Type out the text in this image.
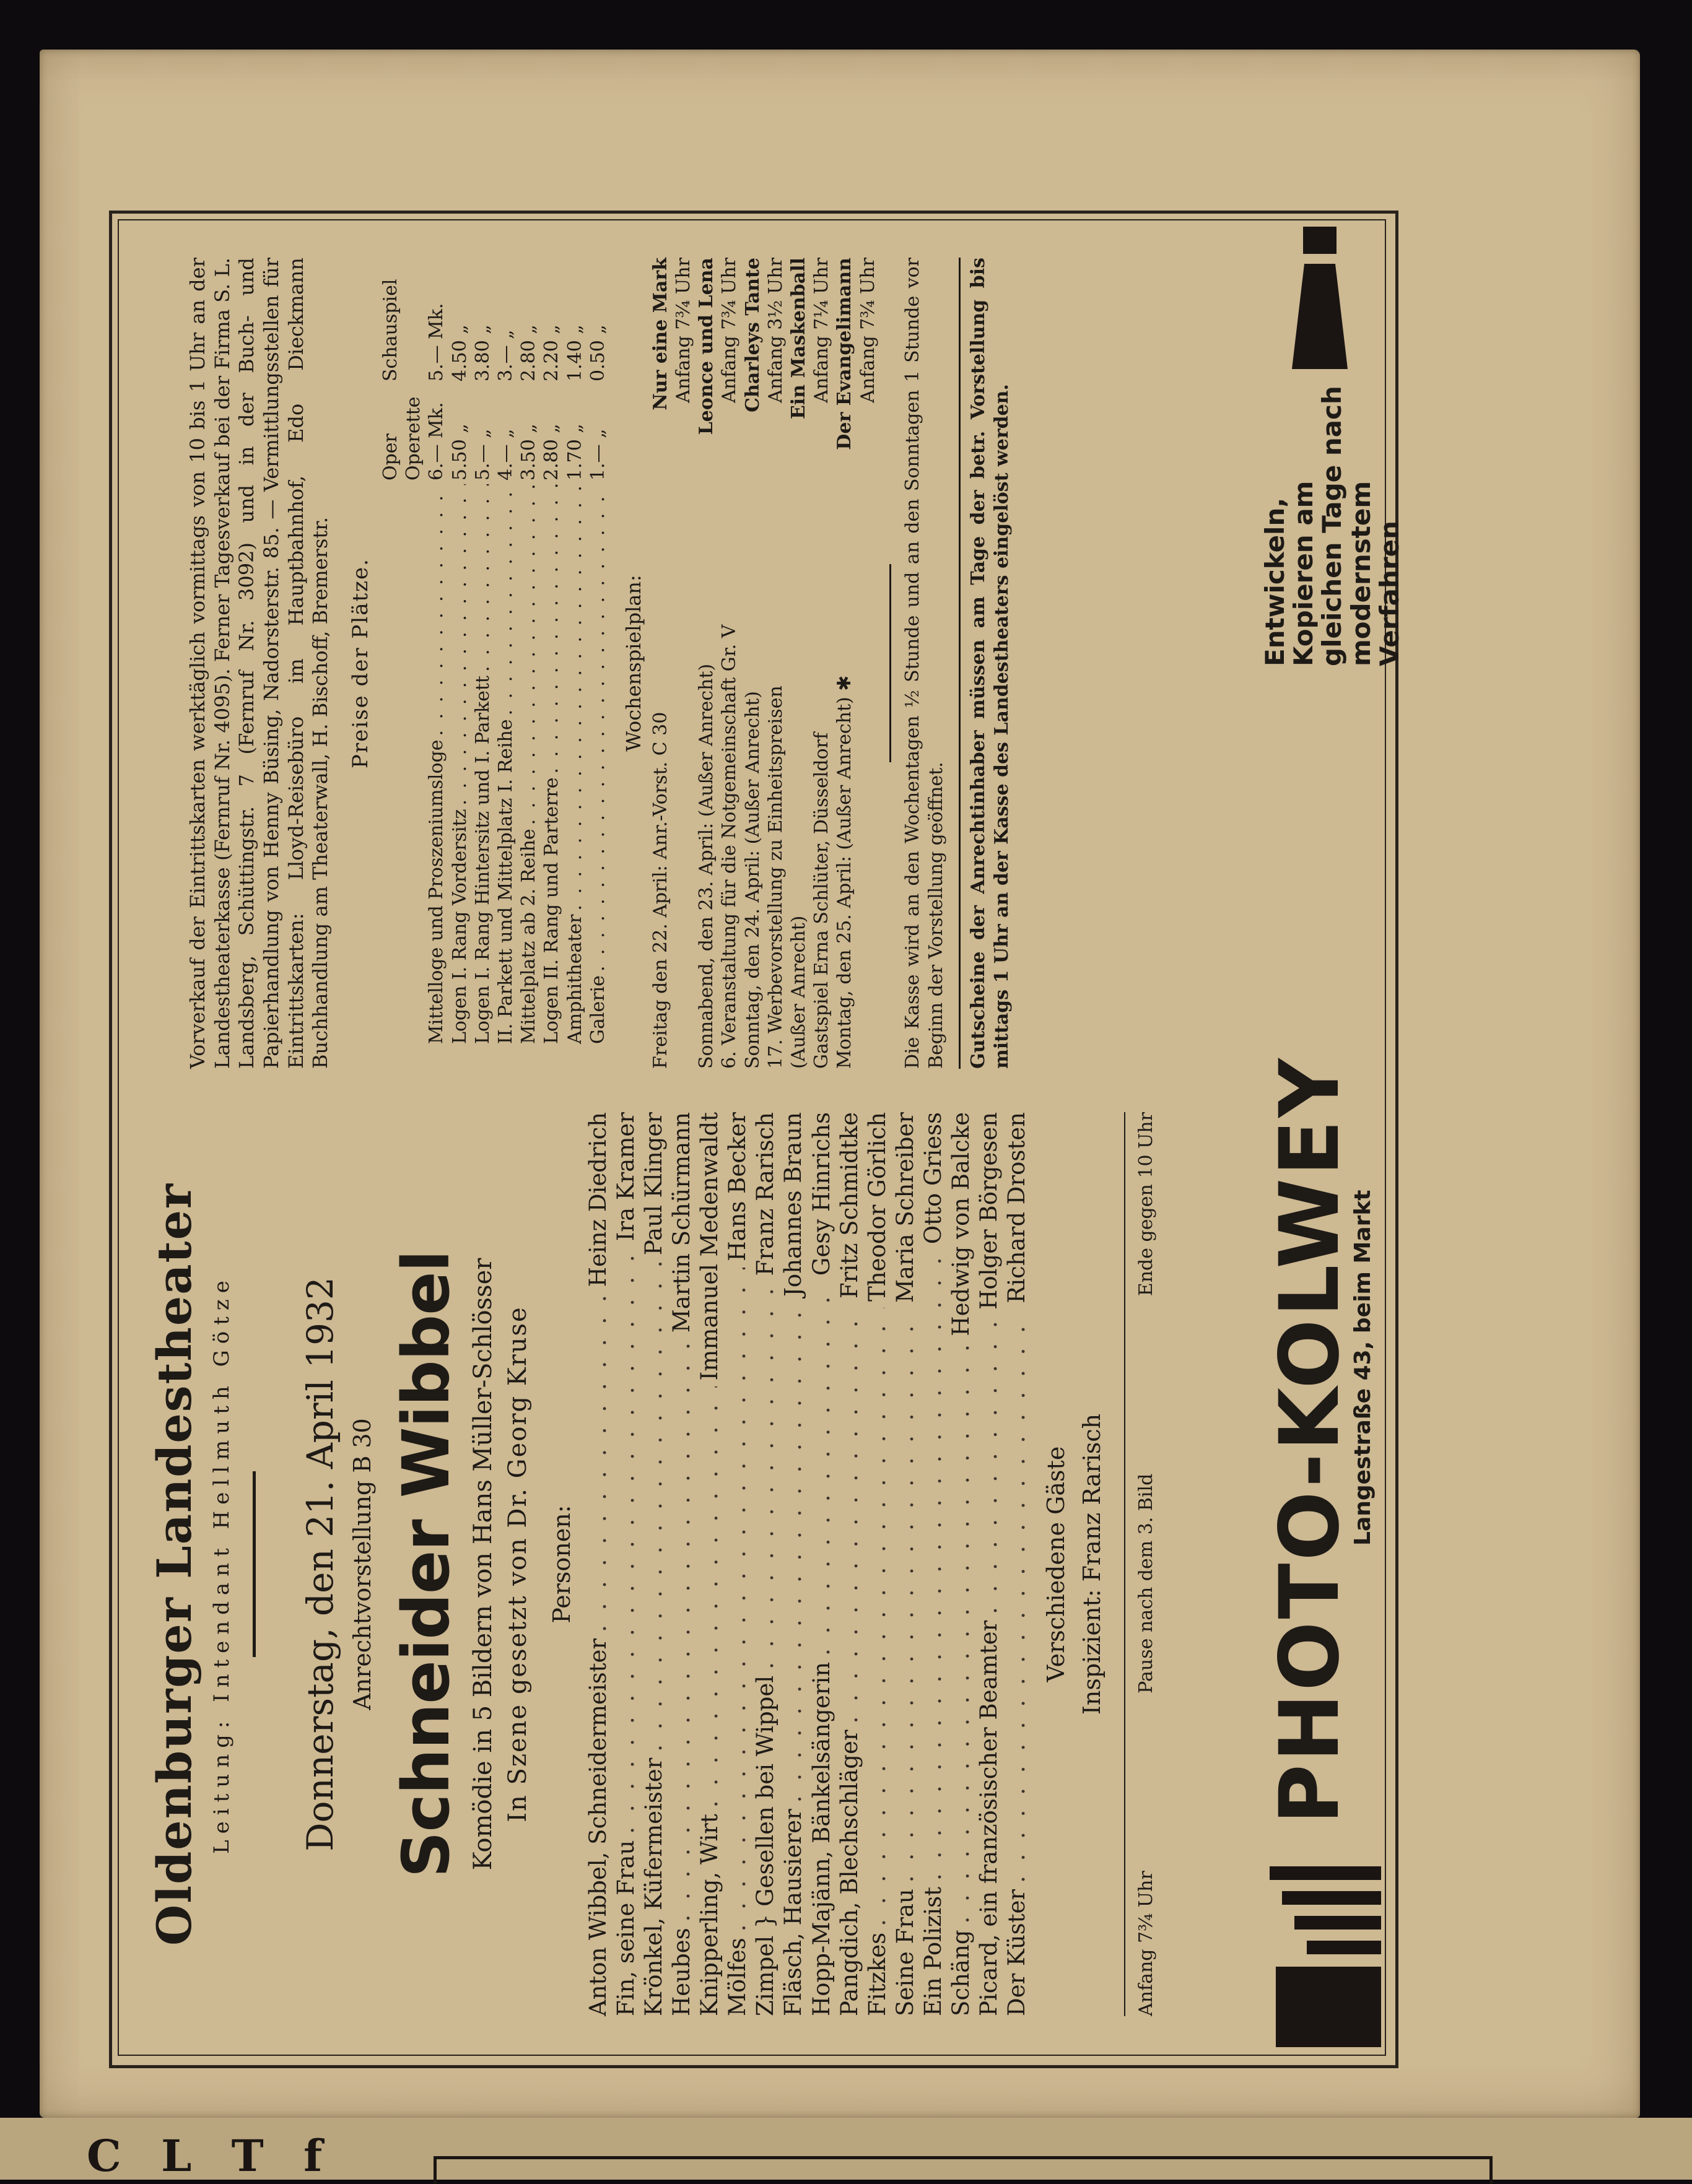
C L T f
Oldenburger Landestheater Leitung: Intendant Hellmuth Götze Donnerstag, den 21. April 1932 Anrechtvorstellung B 30 Schneider Wibbel Komödie in 5 Bildern von Hans Müller-Schlösser In Szene gesetzt von Dr. Georg Kruse Personen:
Anton Wibbel, Schneidermeister
. . .
Heinz Diedrich
Fin, seine Frau
. . .
Ira Kramer
Krönkel, Küfermeister
. . .
Paul Klinger
Heubes
. . .
Martin Schürmann
Knipperling, Wirt
. . .
Immanuel Medenwaldt
Mölfes
. . .
Hans Becker
Zimpel } Gesellen bei Wippel
. . .
Franz Rarisch
Fläsch, Hausierer
. . .
Johannes Braun
Hopp-Majänn, Bänkelsängerin
. . .
Gesy Hinrichs
Pangdich, Blechschläger
. . .
Fritz Schmidtke
Fitzkes
. . .
Theodor Görlich
Seine Frau
. . .
Maria Schreiber
Ein Polizist
. . .
Otto Griess
Schäng
. . .
Hedwig von Balcke
Picard, ein französischer Beamter
. . .
Holger Börgesen
Der Küster
. . .
Richard Drosten
Verschiedene Gäste Inspizient: Franz Rarisch
Anfang 7¾ Uhr
Pause nach dem 3. Bild
Ende gegen 10 Uhr
Vorverkauf der Eintrittskarten werktäglich vormittags von 10 bis 1 Uhr an der Landestheaterkasse (Fernruf Nr. 4095). Ferner Tagesverkauf bei der Firma S. L. Landsberg, Schüttingstr. 7 (Fernruf Nr. 3092) und in der Buch- und Papierhandlung von Henny Büsing, Nadorsterstr. 85. — Vermittlungsstellen für Eintrittskarten: Lloyd-Reisebüro im Hauptbahnhof, Edo Dieckmann Buchhandlung am Theaterwall, H. Bischoff, Bremerstr. Preise der Plätze.
Oper Operette
Schauspiel
Mittelloge und Proszeniumsloge
. . .
6.— Mk.
5.— Mk.
Logen I. Rang Vordersitz
. . .
5.50 „
4.50 „
Logen I. Rang Hintersitz und I. Parkett
. . .
5.— „
3.80 „
II. Parkett und Mittelplatz I. Reihe
. . .
4.— „
3.— „
Mittelplatz ab 2. Reihe
. . .
3.50 „
2.80 „
Logen II. Rang und Parterre
. . .
2.80 „
2.20 „
Amphitheater
. . .
1.70 „
1.40 „
Galerie
. . .
1.— „
0.50 „
Wochenspielplan:
Freitag den 22. April: Anr.-Vorst. C 30
Nur eine Mark Anfang 7¾ Uhr
Sonnabend, den 23. April: (Außer Anrecht)
Leonce und Lena
6. Veranstaltung für die Notgemeinschaft Gr. V
Anfang 7¾ Uhr
Sonntag, den 24. April: (Außer Anrecht)
Charleys Tante
17. Werbevorstellung zu Einheitspreisen
Anfang 3½ Uhr
(Außer Anrecht)
Ein Maskenball
Gastspiel Erna Schlüter, Düsseldorf
Anfang 7¼ Uhr
Montag, den 25. April: (Außer Anrecht) ✱
Der Evangelimann Anfang 7¾ Uhr Die Kasse wird an den Wochentagen ½ Stunde und an den Sonntagen 1 Stunde vor Beginn der Vorstellung geöffnet.	Gutscheine der Anrechtinhaber müssen am Tage der betr. Vorstellung bis mittags 1 Uhr an der Kasse des Landestheaters eingelöst werden.
PHOTO-KOLWEY
Langestraße 43, beim Markt
Entwickeln, Kopieren am gleichen Tage nach modernstem Verfahren
